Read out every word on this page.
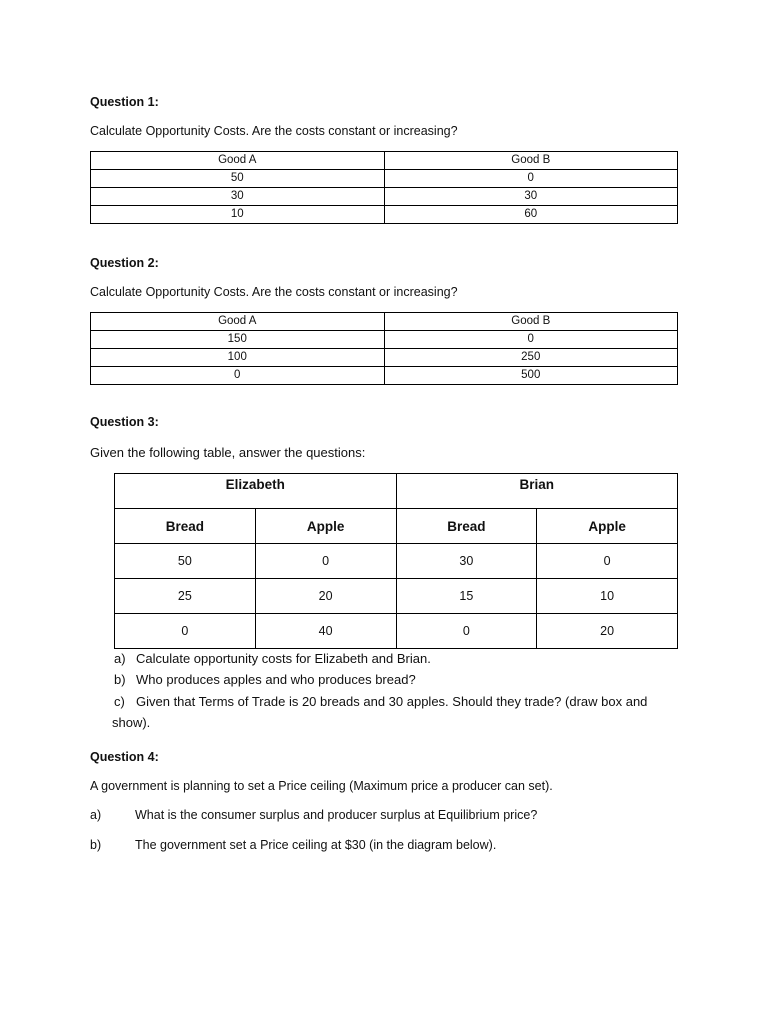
Question 1:
Calculate Opportunity Costs. Are the costs constant or increasing?
Good A	Good B
50	0
30	30
10	60
Question 2:
Calculate Opportunity Costs. Are the costs constant or increasing?
Good A	Good B
150	0
100	250
0	500
Question 3:
Given the following table, answer the questions:
Elizabeth		Brian	

Bread	Apple	Bread	Apple
50	0	30	0
25	20	15	10
0	40	0	20
a) Calculate opportunity costs for Elizabeth and Brian.
b) Who produces apples and who produces bread?
c) Given that Terms of Trade is 20 breads and 30 apples. Should they trade? (draw box and
show).
Question 4:
A government is planning to set a Price ceiling (Maximum price a producer can set).
a)	What is the consumer surplus and producer surplus at Equilibrium price?
b)	The government set a Price ceiling at $30 (in the diagram below).
